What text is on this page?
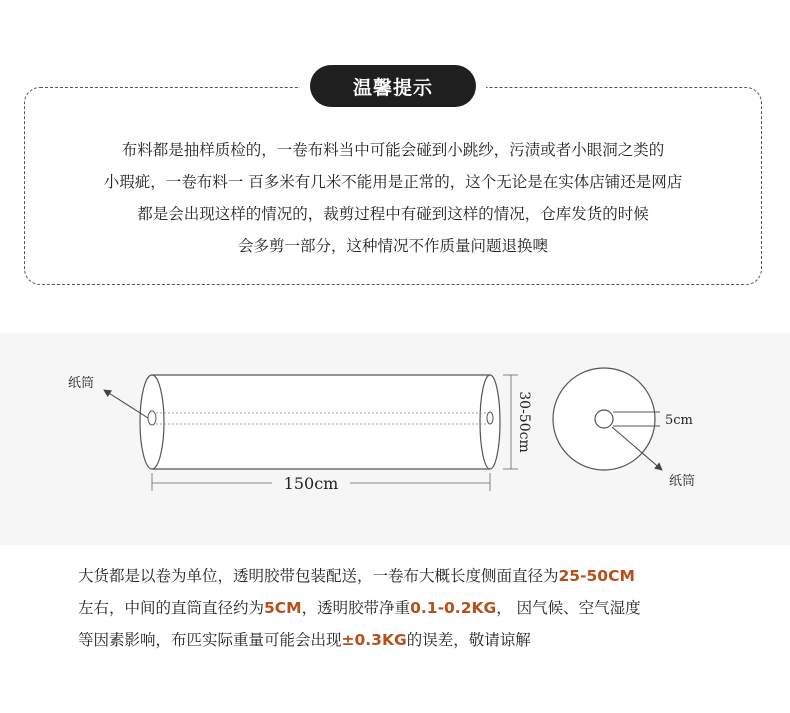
温馨提示
布料都是抽样质检的，一卷布料当中可能会碰到小跳纱，污渍或者小眼洞之类的
小瑕疵，一卷布料一 百多米有几米不能用是正常的，这个无论是在实体店铺还是网店
都是会出现这样的情况的，裁剪过程中有碰到这样的情况，仓库发货的时候
会多剪一部分，这种情况不作质量问题退换噢
纸筒
150cm
30-50cm	5cm
纸筒
大货都是以卷为单位，透明胶带包装配送，一卷布大概长度侧面直径为25-50CM
左右，中间的直筒直径约为5CM，透明胶带净重0.1-0.2KG， 因气候、空气湿度
等因素影响，布匹实际重量可能会出现±0.3KG的误差，敬请谅解
